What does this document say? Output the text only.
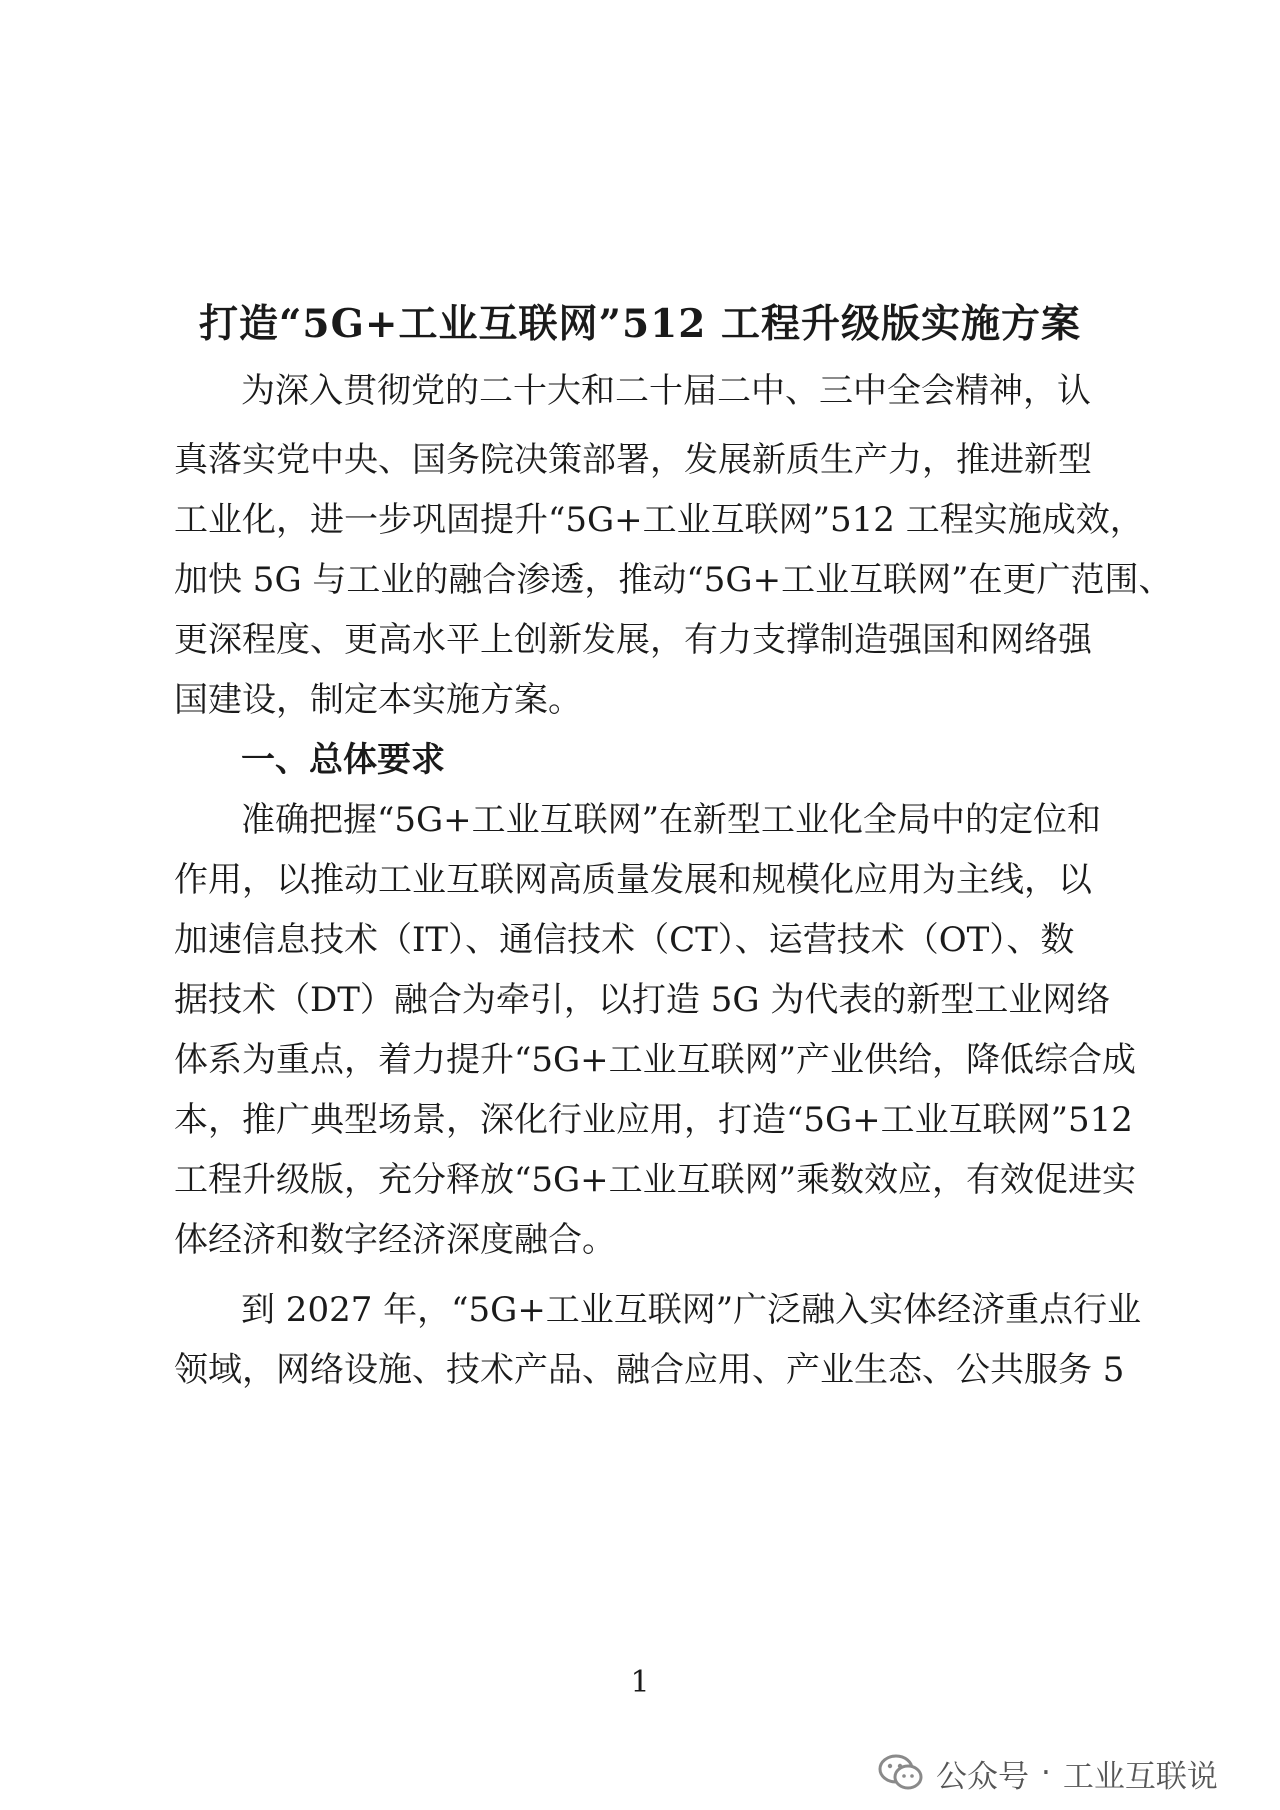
打造“5G+工业互联网”512 工程升级版实施方案

为深入贯彻党的二十大和二十届二中、三中全会精神，认

真落实党中央、国务院决策部署，发展新质生产力，推进新型

工业化，进一步巩固提升“5G+工业互联网”512 工程实施成效，

加快 5G 与工业的融合渗透，推动“5G+工业互联网”在更广范围、

更深程度、更高水平上创新发展，有力支撑制造强国和网络强

国建设，制定本实施方案。

一、总体要求

准确把握“5G+工业互联网”在新型工业化全局中的定位和

作用，以推动工业互联网高质量发展和规模化应用为主线，以

加速信息技术（IT）、通信技术（CT）、运营技术（OT）、数

据技术（DT）融合为牵引，以打造 5G 为代表的新型工业网络

体系为重点，着力提升“5G+工业互联网”产业供给，降低综合成

本，推广典型场景，深化行业应用，打造“5G+工业互联网”512

工程升级版，充分释放“5G+工业互联网”乘数效应，有效促进实

体经济和数字经济深度融合。

到 2027 年，“5G+工业互联网”广泛融入实体经济重点行业

领域，网络设施、技术产品、融合应用、产业生态、公共服务 5

1
公众号 · 工业互联说
